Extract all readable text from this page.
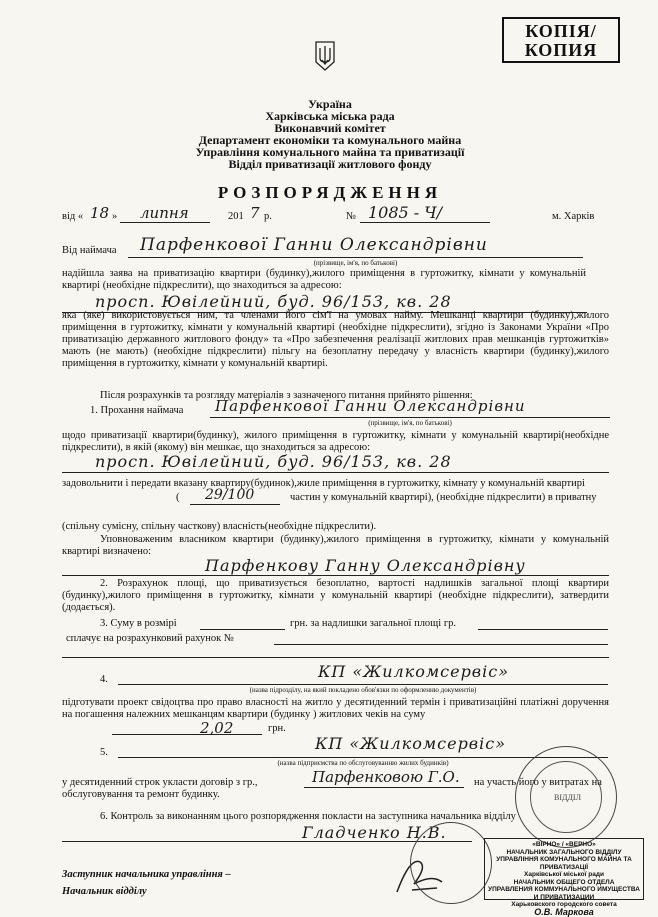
КОПІЯ/
КОПИЯ
Україна
Харківська міська рада
Виконавчий комітет
Департамент економіки та комунального майна
Управління комунального майна та приватизації
Відділ приватизації житлового фонду
РОЗПОРЯДЖЕННЯ
від « 18 » липня	201 7 р.	№ 1085 - Ч/	м. Харків
Від наймача Парфенкової Ганни Олександрівни
(прізвище, ім'я, по батькові)
надійшла заява на приватизацію квартири (будинку),жилого приміщення в гуртожитку, кімнати у комунальній квартирі (необхідне підкреслити), що знаходиться за адресою:
просп. Ювілейний, буд. 96/153, кв. 28
яка (яке) використовується ним, та членами його сім'ї на умовах найму. Мешканці квартири (будинку),жилого приміщення в гуртожитку, кімнати у комунальній квартирі (необхідне підкреслити), згідно із Законами України «Про приватизацію державного житлового фонду» та «Про забезпечення реалізації житлових прав мешканців гуртожитків» мають (не мають) (необхідне підкреслити) пільгу на безоплатну передачу у власність квартири (будинку),жилого приміщення в гуртожитку, кімнати у комунальній квартирі.
Після розрахунків та розгляду матеріалів з зазначеного питання прийнято рішення:
1. Прохання наймача Парфенкової Ганни Олександрівни
(прізвище, ім'я, по батькові)
щодо приватизації квартири(будинку), жилого приміщення в гуртожитку, кімнати у комунальній квартирі(необхідне підкреслити), в якій (якому) він мешкає, що знаходиться за адресою:
просп. Ювілейний, буд. 96/153, кв. 28
задовольнити і передати вказану квартиру(будинок),жиле приміщення в гуртожитку, кімнату у комунальній квартирі
( 29/100	частин у комунальній квартирі), (необхідне підкреслити) в приватну
(спільну сумісну, спільну часткову) власність(необхідне підкреслити).
Уповноваженим власником квартири (будинку),жилого приміщення в гуртожитку, кімнати у комунальній квартирі визначено:
Парфенкову Ганну Олександрівну
2. Розрахунок площі, що приватизується безоплатно, вартості надлишків загальної площі квартири (будинку),жилого приміщення в гуртожитку, кімнати у комунальній квартирі (необхідне підкреслити), затвердити (додається).
3. Суму в розмірі	грн. за надлишки загальної площі гр.
сплачує на розрахунковий рахунок №
4.	КП «Жилкомсервіс»
(назва підрозділу, на який покладено обов'язки по оформленню документів)
підготувати проект свідоцтва про право власності на житло у десятиденний термін і приватизаційні платіжні доручення на погашення належних мешканцям квартири (будинку ) житлових чеків на суму
2,02	грн.
5.	КП «Жилкомсервіс»
(назва підприємства по обслуговуванню жилих будинків)
у десятиденний строк укласти договір з гр.,	Парфенковою Г.О.	на участь його у витратах на обслуговування та ремонт будинку.
6. Контроль за виконанням цього розпорядження покласти на заступника начальника відділу
Гладченко Н.В.
Заступник начальника управління –
Начальник відділу
ВІДДІЛ
«ВІРНО» / «ВЕРНО»
НАЧАЛЬНИК ЗАГАЛЬНОГО ВІДДІЛУ
УПРАВЛІННЯ КОМУНАЛЬНОГО МАЙНА ТА ПРИВАТИЗАЦІЇ
Харківської міської ради
НАЧАЛЬНИК ОБЩЕГО ОТДЕЛА
УПРАВЛЕНИЯ КОММУНАЛЬНОГО ИМУЩЕСТВА И ПРИВАТИЗАЦИИ
Харьковского городского совета
О.В. Маркова
